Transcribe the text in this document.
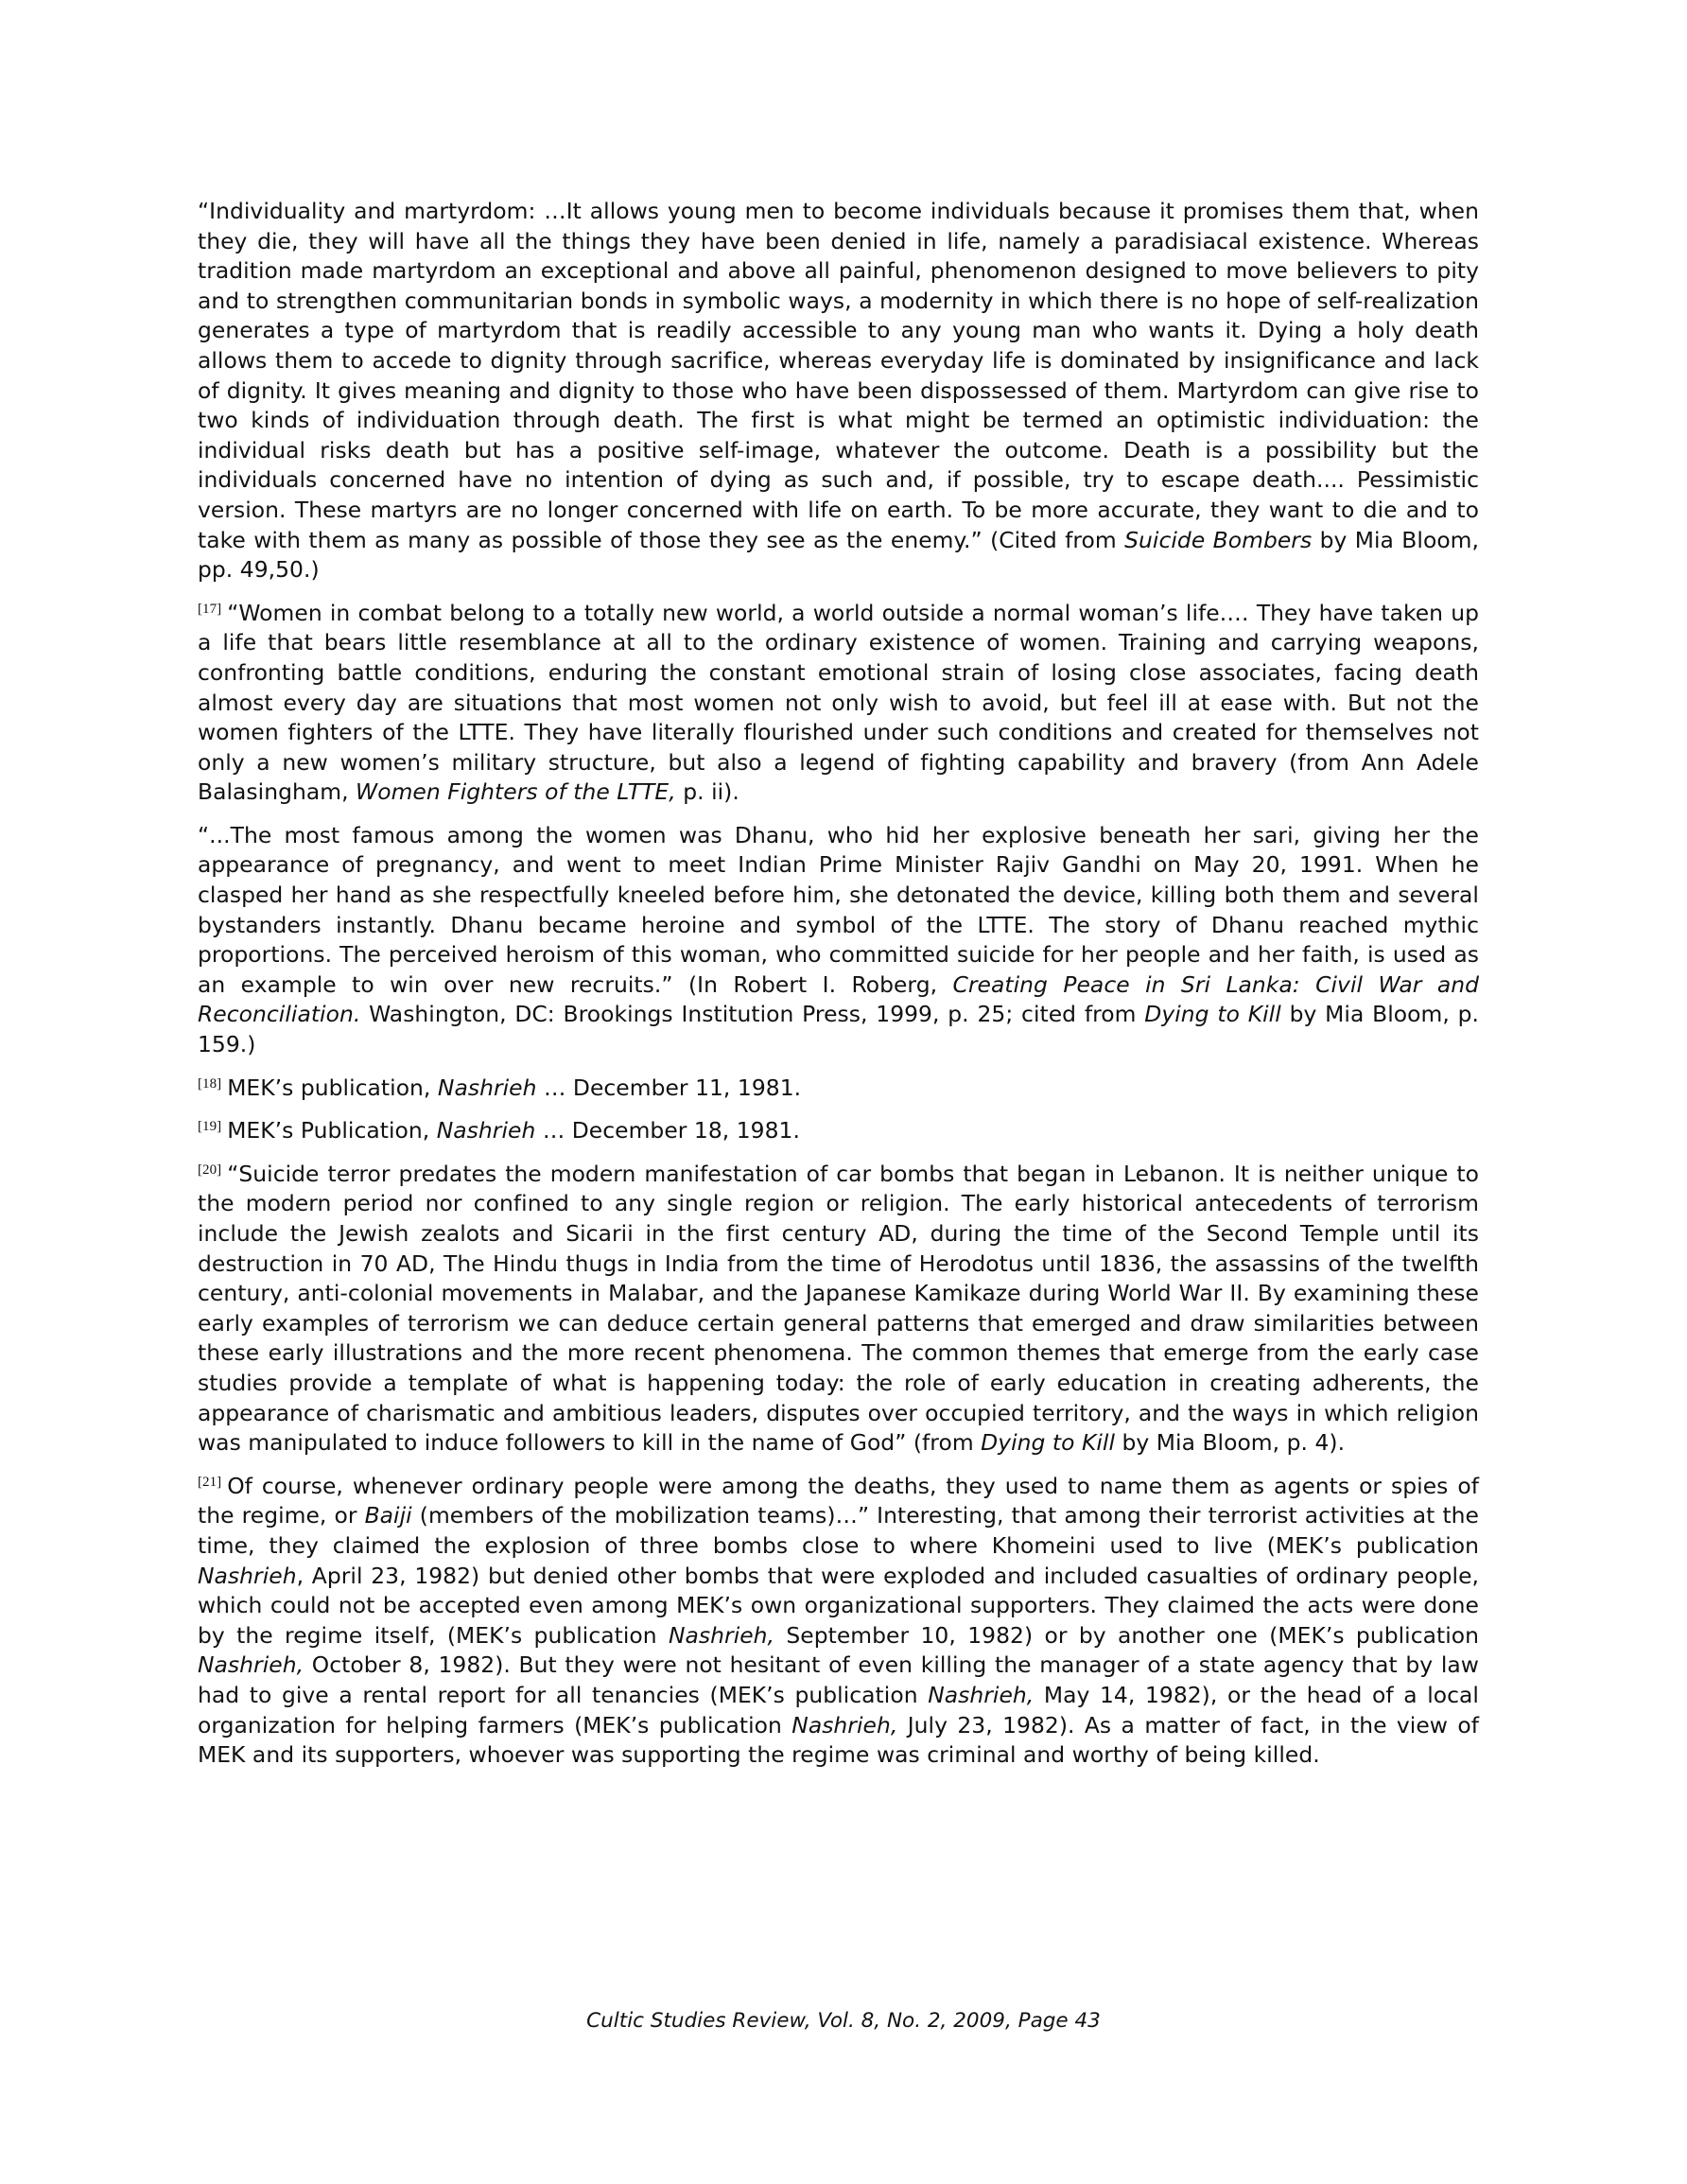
“Individuality and martyrdom: …It allows young men to become individuals because it promises them that, when they die, they will have all the things they have been denied in life, namely a paradisiacal existence. Whereas tradition made martyrdom an exceptional and above all painful, phenomenon designed to move believers to pity and to strengthen communitarian bonds in symbolic ways, a modernity in which there is no hope of self-realization generates a type of martyrdom that is readily accessible to any young man who wants it. Dying a holy death allows them to accede to dignity through sacrifice, whereas everyday life is dominated by insignificance and lack of dignity. It gives meaning and dignity to those who have been dispossessed of them. Martyrdom can give rise to two kinds of individuation through death. The first is what might be termed an optimistic individuation: the individual risks death but has a positive self-image, whatever the outcome. Death is a possibility but the individuals concerned have no intention of dying as such and, if possible, try to escape death.... Pessimistic version. These martyrs are no longer concerned with life on earth. To be more accurate, they want to die and to take with them as many as possible of those they see as the enemy.” (Cited from Suicide Bombers by Mia Bloom, pp. 49,50.)

[17] “Women in combat belong to a totally new world, a world outside a normal woman’s life.… They have taken up a life that bears little resemblance at all to the ordinary existence of women. Training and carrying weapons, confronting battle conditions, enduring the constant emotional strain of losing close associates, facing death almost every day are situations that most women not only wish to avoid, but feel ill at ease with. But not the women fighters of the LTTE. They have literally flourished under such conditions and created for themselves not only a new women’s military structure, but also a legend of fighting capability and bravery (from Ann Adele Balasingham, Women Fighters of the LTTE, p. ii).

“...The most famous among the women was Dhanu, who hid her explosive beneath her sari, giving her the appearance of pregnancy, and went to meet Indian Prime Minister Rajiv Gandhi on May 20, 1991. When he clasped her hand as she respectfully kneeled before him, she detonated the device, killing both them and several bystanders instantly. Dhanu became heroine and symbol of the LTTE. The story of Dhanu reached mythic proportions. The perceived heroism of this woman, who committed suicide for her people and her faith, is used as an example to win over new recruits.” (In Robert I. Roberg, Creating Peace in Sri Lanka: Civil War and Reconciliation. Washington, DC: Brookings Institution Press, 1999, p. 25; cited from Dying to Kill by Mia Bloom, p. 159.)

[18] MEK’s publication, Nashrieh … December 11, 1981.

[19] MEK’s Publication, Nashrieh … December 18, 1981.

[20] “Suicide terror predates the modern manifestation of car bombs that began in Lebanon. It is neither unique to the modern period nor confined to any single region or religion. The early historical antecedents of terrorism include the Jewish zealots and Sicarii in the first century AD, during the time of the Second Temple until its destruction in 70 AD, The Hindu thugs in India from the time of Herodotus until 1836, the assassins of the twelfth century, anti-colonial movements in Malabar, and the Japanese Kamikaze during World War II. By examining these early examples of terrorism we can deduce certain general patterns that emerged and draw similarities between these early illustrations and the more recent phenomena. The common themes that emerge from the early case studies provide a template of what is happening today: the role of early education in creating adherents, the appearance of charismatic and ambitious leaders, disputes over occupied territory, and the ways in which religion was manipulated to induce followers to kill in the name of God” (from Dying to Kill by Mia Bloom, p. 4).

[21] Of course, whenever ordinary people were among the deaths, they used to name them as agents or spies of the regime, or Baiji (members of the mobilization teams)…” Interesting, that among their terrorist activities at the time, they claimed the explosion of three bombs close to where Khomeini used to live (MEK’s publication Nashrieh, April 23, 1982) but denied other bombs that were exploded and included casualties of ordinary people, which could not be accepted even among MEK’s own organizational supporters. They claimed the acts were done by the regime itself, (MEK’s publication Nashrieh, September 10, 1982) or by another one (MEK’s publication Nashrieh, October 8, 1982). But they were not hesitant of even killing the manager of a state agency that by law had to give a rental report for all tenancies (MEK’s publication Nashrieh, May 14, 1982), or the head of a local organization for helping farmers (MEK’s publication Nashrieh, July 23, 1982). As a matter of fact, in the view of MEK and its supporters, whoever was supporting the regime was criminal and worthy of being killed.

Cultic Studies Review, Vol. 8, No. 2, 2009, Page 43
